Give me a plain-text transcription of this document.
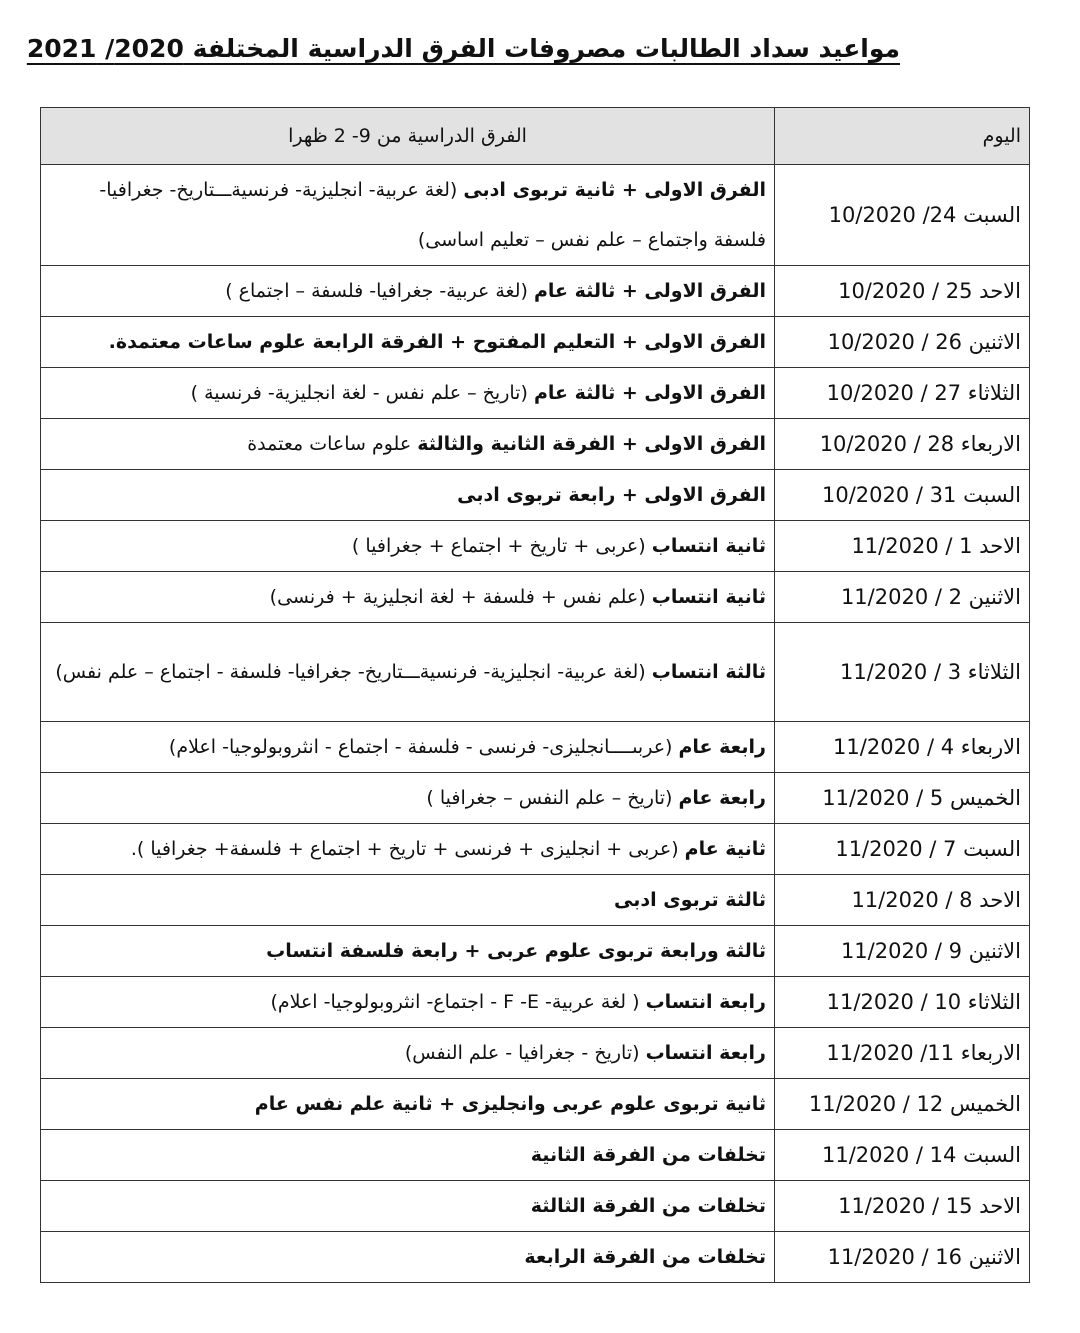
مواعيد سداد الطالبات مصروفات الفرق الدراسية المختلفة 2020/ 2021
اليوم	الفرق الدراسية من 9- 2 ظهرا
السبت 24/ 10/2020	الفرق الاولى + ثانية تربوى ادبى (لغة عربية- انجليزية- فرنسيةـــتاريخ- جغرافيا- فلسفة واجتماع – علم نفس – تعليم اساسى)
الاحد 25 / 10/2020	الفرق الاولى + ثالثة عام (لغة عربية- جغرافيا- فلسفة – اجتماع )
الاثنين 26 / 10/2020	الفرق الاولى + التعليم المفتوح + الفرقة الرابعة علوم ساعات معتمدة.
الثلاثاء 27 / 10/2020	الفرق الاولى + ثالثة عام (تاريخ – علم نفس - لغة انجليزية- فرنسية )
الاربعاء 28 / 10/2020	الفرق الاولى + الفرقة الثانية والثالثة علوم ساعات معتمدة
السبت 31 / 10/2020	الفرق الاولى + رابعة تربوى ادبى
الاحد 1 / 11/2020	ثانية انتساب (عربى + تاريخ + اجتماع + جغرافيا )
الاثنين 2 / 11/2020	ثانية انتساب (علم نفس + فلسفة + لغة انجليزية + فرنسى)
الثلاثاء 3 / 11/2020	ثالثة انتساب (لغة عربية- انجليزية- فرنسيةـــتاريخ- جغرافيا- فلسفة - اجتماع – علم نفس)
الاربعاء 4 / 11/2020	رابعة عام (عربىــــانجليزى- فرنسى - فلسفة - اجتماع - انثروبولوجيا- اعلام)
الخميس 5 / 11/2020	رابعة عام (تاريخ – علم النفس – جغرافيا )
السبت 7 / 11/2020	ثانية عام (عربى + انجليزى + فرنسى + تاريخ + اجتماع + فلسفة+ جغرافيا ).
الاحد 8 / 11/2020	ثالثة تربوى ادبى
الاثنين 9 / 11/2020	ثالثة ورابعة تربوى علوم عربى + رابعة فلسفة انتساب
الثلاثاء 10 / 11/2020	رابعة انتساب ( لغة عربية- F -E - اجتماع- انثروبولوجيا- اعلام)
الاربعاء 11/ 11/2020	رابعة انتساب (تاريخ - جغرافيا - علم النفس)
الخميس 12 / 11/2020	ثانية تربوى علوم عربى وانجليزى + ثانية علم نفس عام
السبت 14 / 11/2020	تخلفات من الفرقة الثانية
الاحد 15 / 11/2020	تخلفات من الفرقة الثالثة
الاثنين 16 / 11/2020	تخلفات من الفرقة الرابعة
